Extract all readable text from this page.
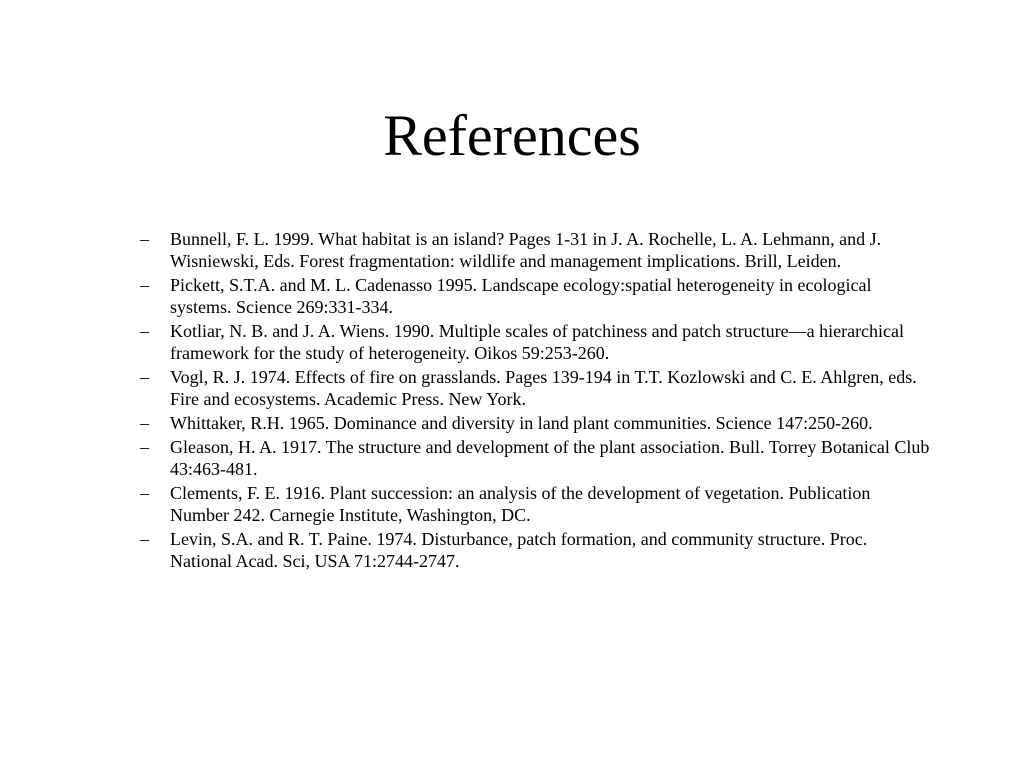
References
– Bunnell, F. L. 1999. What habitat is an island? Pages 1-31 in J. A. Rochelle, L. A. Lehmann, and J. Wisniewski, Eds. Forest fragmentation: wildlife and management implications. Brill, Leiden.
– Pickett, S.T.A. and M. L. Cadenasso 1995. Landscape ecology:spatial heterogeneity in ecological systems. Science 269:331-334.
– Kotliar, N. B. and J. A. Wiens. 1990. Multiple scales of patchiness and patch structure—a hierarchical framework for the study of heterogeneity. Oikos 59:253-260.
– Vogl, R. J. 1974. Effects of fire on grasslands. Pages 139-194 in T.T. Kozlowski and C. E. Ahlgren, eds. Fire and ecosystems. Academic Press. New York.
– Whittaker, R.H. 1965. Dominance and diversity in land plant communities. Science 147:250-260.
– Gleason, H. A. 1917. The structure and development of the plant association. Bull. Torrey Botanical Club 43:463-481.
– Clements, F. E. 1916. Plant succession: an analysis of the development of vegetation. Publication Number 242. Carnegie Institute, Washington, DC.
– Levin, S.A. and R. T. Paine. 1974. Disturbance, patch formation, and community structure. Proc. National Acad. Sci, USA 71:2744-2747.
